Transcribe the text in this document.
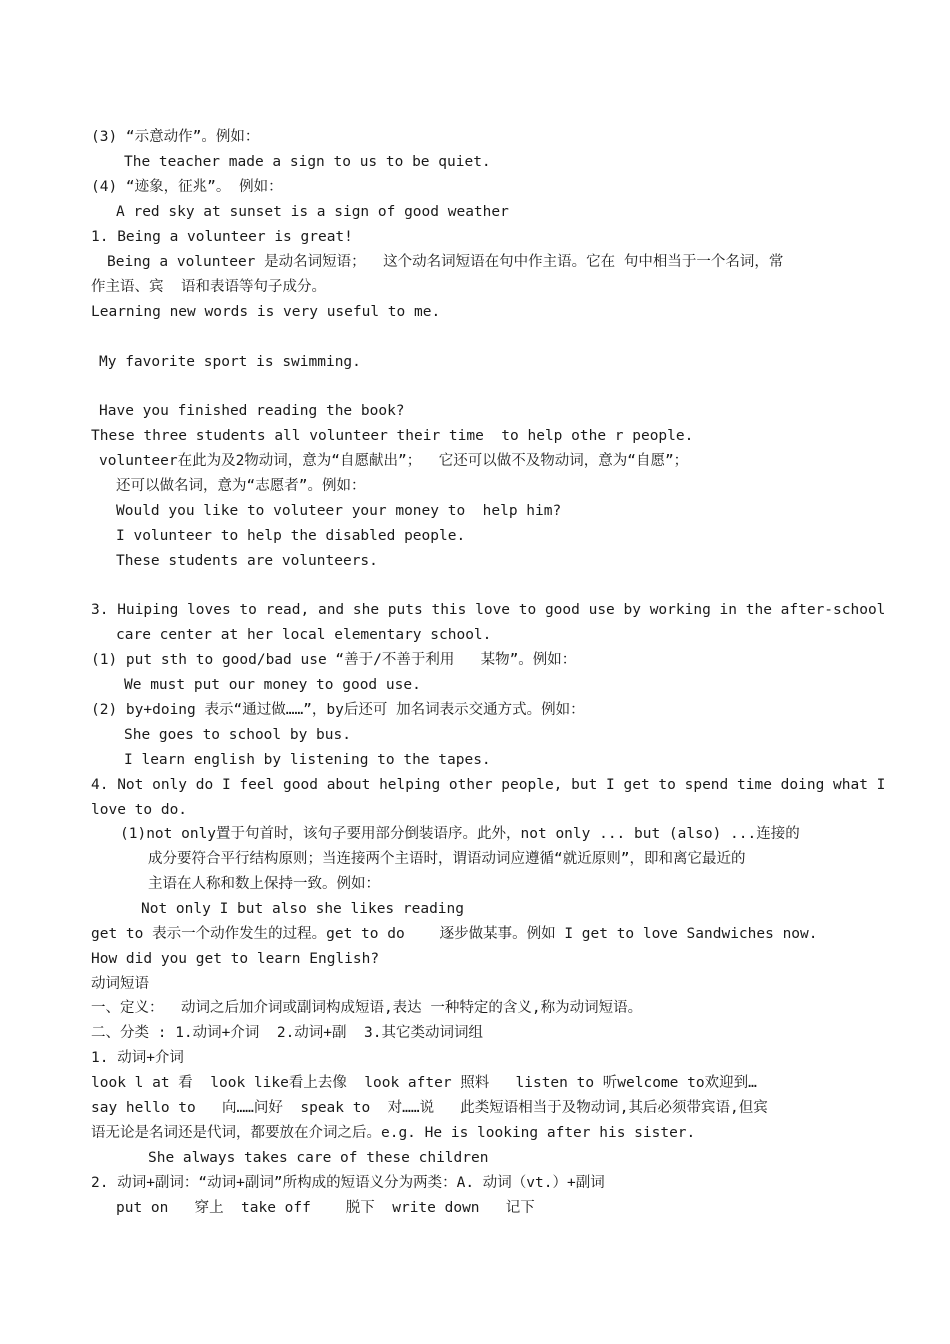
(3) “示意动作”。例如：
The teacher made a sign to us to be quiet.
(4) “迹象，征兆”。 例如：
A red sky at sunset is a sign of good weather
1. Being a volunteer is great!
Being a volunteer 是动名词短语；  这个动名词短语在句中作主语。它在 句中相当于一个名词，常
作主语、宾  语和表语等句子成分。
Learning new words is very useful to me.
My favorite sport is swimming.
Have you finished reading the book?
These three students all volunteer their time  to help othe r people.
volunteer在此为及2物动词，意为“自愿献出”；  它还可以做不及物动词，意为“自愿”；
还可以做名词，意为“志愿者”。例如：
Would you like to voluteer your money to  help him?
I volunteer to help the disabled people.
These students are volunteers.
3. Huiping loves to read, and she puts this love to good use by working in the after-school
care center at her local elementary school.
(1) put sth to good/bad use “善于/不善于利用   某物”。例如：
We must put our money to good use.
(2) by+doing 表示“通过做……”，by后还可 加名词表示交通方式。例如：
She goes to school by bus.
I learn english by listening to the tapes.
4. Not only do I feel good about helping other people, but I get to spend time doing what I
love to do.
(1)not only置于句首时，该句子要用部分倒装语序。此外，not only ... but (also) ...连接的
成分要符合平行结构原则；当连接两个主语时，谓语动词应遵循“就近原则”，即和离它最近的
主语在人称和数上保持一致。例如：
Not only I but also she likes reading
get to 表示一个动作发生的过程。get to do    逐步做某事。例如 I get to love Sandwiches now.
How did you get to learn English?
动词短语
一、定义：  动词之后加介词或副词构成短语,表达 一种特定的含义,称为动词短语。
二、分类 : 1.动词+介词  2.动词+副  3.其它类动词词组
1. 动词+介词
look l at 看  look like看上去像  look after 照料   listen to 听welcome to欢迎到…
say hello to   向……问好  speak to  对……说   此类短语相当于及物动词,其后必须带宾语,但宾
语无论是名词还是代词，都要放在介词之后。e.g. He is looking after his sister.
She always takes care of these children
2. 动词+副词：“动词+副词”所构成的短语义分为两类：A. 动词（vt.）+副词
put on   穿上  take off    脱下  write down   记下
